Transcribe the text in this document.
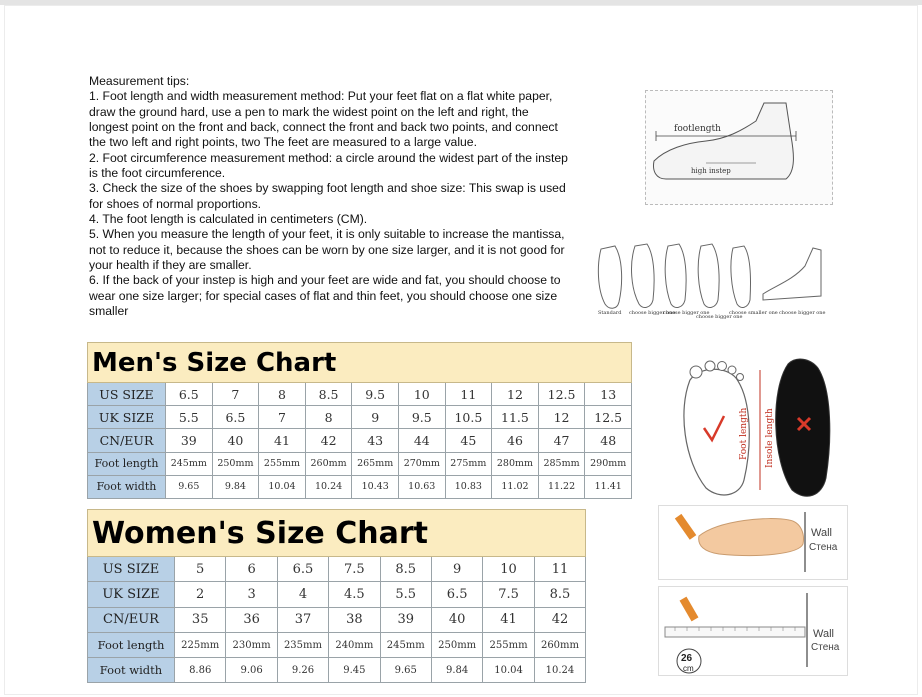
Measurement tips:
1. Foot length and width measurement method: Put your feet flat on a flat white paper, draw the ground hard, use a pen to mark the widest point on the left and right, the longest point on the front and back, connect the front and back two points, and connect the two left and right points, two The feet are measured to a large value.
2. Foot circumference measurement method: a circle around the widest part of the instep is the foot circumference.
3. Check the size of the shoes by swapping foot length and shoe size: This swap is used for shoes of normal proportions.
4. The foot length is calculated in centimeters (CM).
5. When you measure the length of your feet, it is only suitable to increase the mantissa, not to reduce it, because the shoes can be worn by one size larger, and it is not good for your health if they are smaller.
6. If the back of your instep is high and your feet are wide and fat, you should choose to wear one size larger; for special cases of flat and thin feet, you should choose one size smaller
footlength
high instep
Standard choose bigger one
choose bigger one
choose bigger one
choose smaller one choose bigger one
Foot length Insole length
Wall
Стена
Wall
Стена
26
cm
Men's Size Chart										
US SIZE	6.5	7	8	8.5	9.5	10	11	12	12.5	13
UK SIZE	5.5	6.5	7	8	9	9.5	10.5	11.5	12	12.5
CN/EUR	39	40	41	42	43	44	45	46	47	48
Foot length	245mm	250mm	255mm	260mm	265mm	270mm	275mm	280mm	285mm	290mm
Foot width	9.65	9.84	10.04	10.24	10.43	10.63	10.83	11.02	11.22	11.41
Women's Size Chart								
US SIZE	5	6	6.5	7.5	8.5	9	10	11
UK SIZE	2	3	4	4.5	5.5	6.5	7.5	8.5
CN/EUR	35	36	37	38	39	40	41	42
Foot length	225mm	230mm	235mm	240mm	245mm	250mm	255mm	260mm
Foot width	8.86	9.06	9.26	9.45	9.65	9.84	10.04	10.24
